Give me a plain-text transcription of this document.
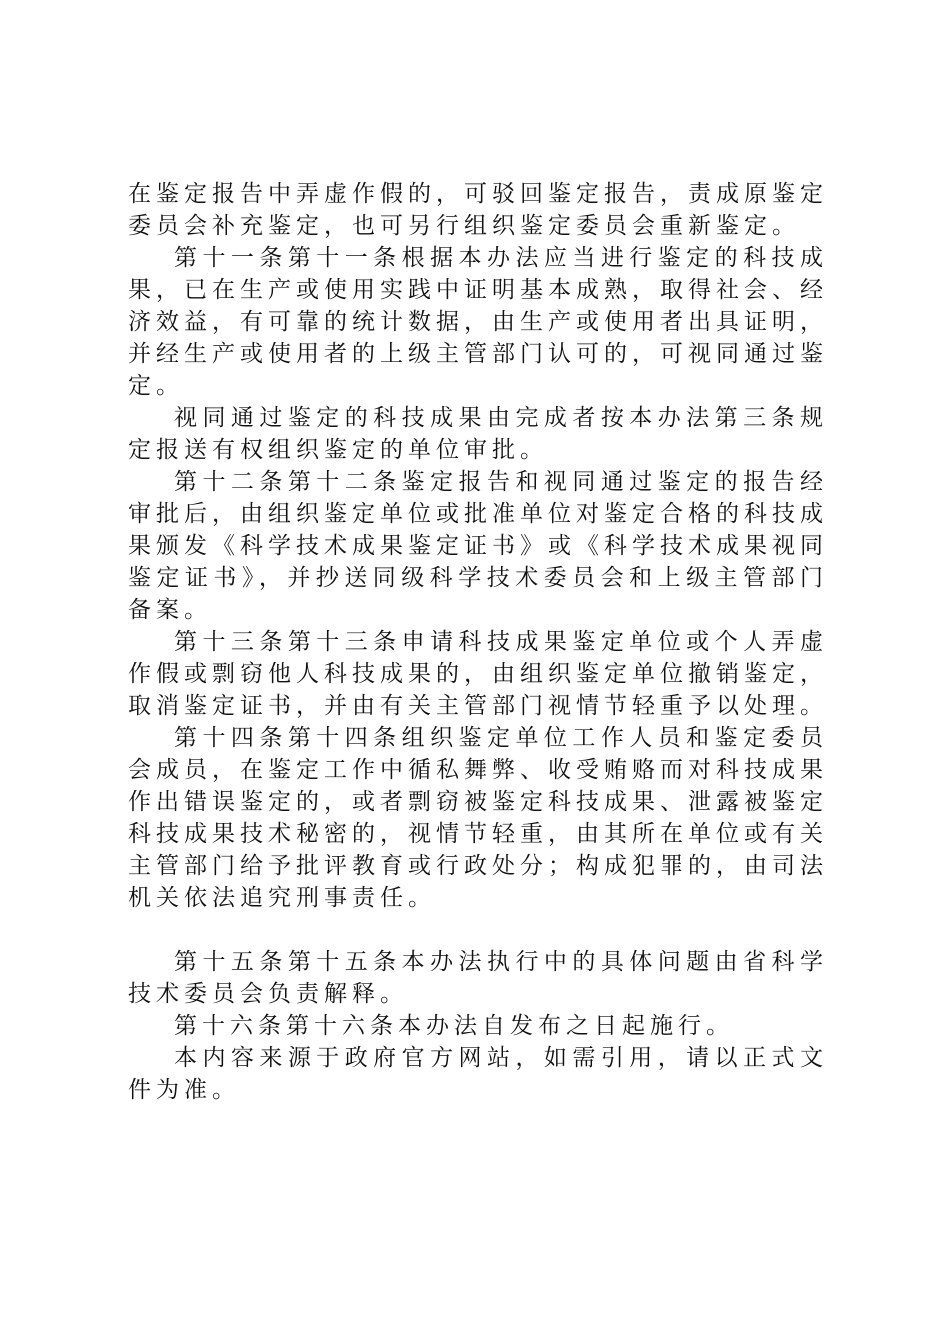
在鉴定报告中弄虚作假的，可驳回鉴定报告，责成原鉴定委员会补充鉴定，也可另行组织鉴定委员会重新鉴定。

第十一条第十一条根据本办法应当进行鉴定的科技成果，已在生产或使用实践中证明基本成熟，取得社会、经济效益，有可靠的统计数据，由生产或使用者出具证明，并经生产或使用者的上级主管部门认可的，可视同通过鉴定。

视同通过鉴定的科技成果由完成者按本办法第三条规定报送有权组织鉴定的单位审批。

第十二条第十二条鉴定报告和视同通过鉴定的报告经审批后，由组织鉴定单位或批准单位对鉴定合格的科技成果颁发《科学技术成果鉴定证书》或《科学技术成果视同鉴定证书》，并抄送同级科学技术委员会和上级主管部门备案。

第十三条第十三条申请科技成果鉴定单位或个人弄虚作假或剽窃他人科技成果的，由组织鉴定单位撤销鉴定，取消鉴定证书，并由有关主管部门视情节轻重予以处理。

第十四条第十四条组织鉴定单位工作人员和鉴定委员会成员，在鉴定工作中循私舞弊、收受贿赂而对科技成果作出错误鉴定的，或者剽窃被鉴定科技成果、泄露被鉴定科技成果技术秘密的，视情节轻重，由其所在单位或有关主管部门给予批评教育或行政处分；构成犯罪的，由司法机关依法追究刑事责任。

第十五条第十五条本办法执行中的具体问题由省科学技术委员会负责解释。

第十六条第十六条本办法自发布之日起施行。

本内容来源于政府官方网站，如需引用，请以正式文件为准。
